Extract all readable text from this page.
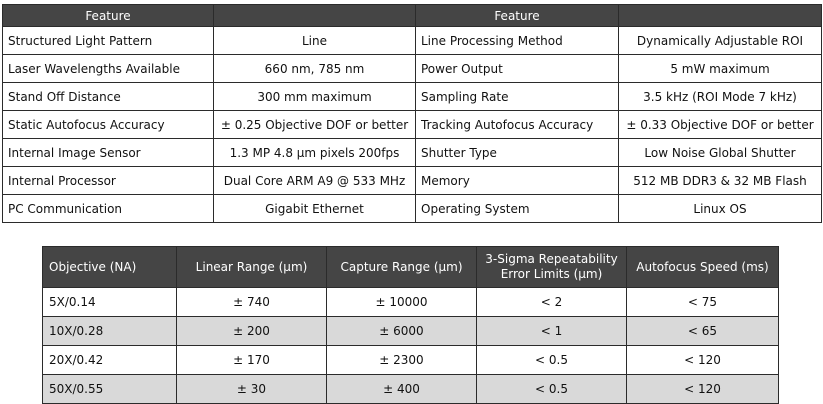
Feature		Feature	
Structured Light Pattern	Line	Line Processing Method	Dynamically Adjustable ROI
Laser Wavelengths Available	660 nm, 785 nm	Power Output	5 mW maximum
Stand Off Distance	300 mm maximum	Sampling Rate	3.5 kHz (ROI Mode 7 kHz)
Static Autofocus Accuracy	± 0.25 Objective DOF or better	Tracking Autofocus Accuracy	± 0.33 Objective DOF or better
Internal Image Sensor	1.3 MP 4.8 µm pixels 200fps	Shutter Type	Low Noise Global Shutter
Internal Processor	Dual Core ARM A9 @ 533 MHz	Memory	512 MB DDR3 & 32 MB Flash
PC Communication	Gigabit Ethernet	Operating System	Linux OS
Objective (NA)	Linear Range (µm)	Capture Range (µm)	3-Sigma Repeatability Error Limits (µm)	Autofocus Speed (ms)
5X/0.14	± 740	± 10000	< 2	< 75
10X/0.28	± 200	± 6000	< 1	< 65
20X/0.42	± 170	± 2300	< 0.5	< 120
50X/0.55	± 30	± 400	< 0.5	< 120
